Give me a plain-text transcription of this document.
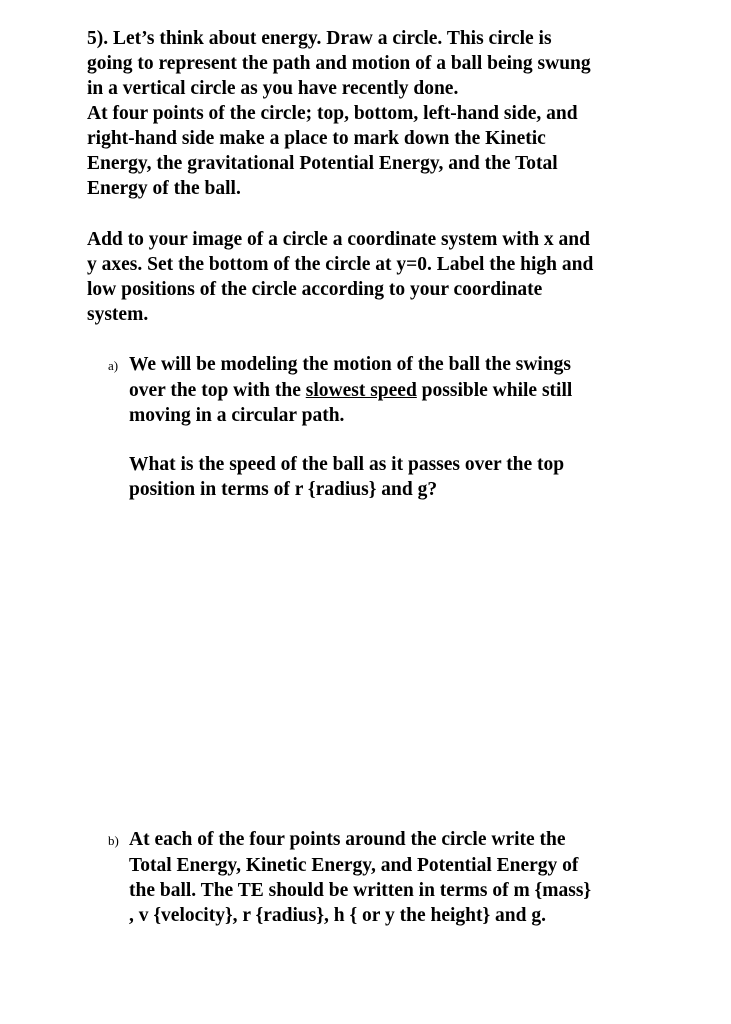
5). Let’s think about energy. Draw a circle. This circle is
going to represent the path and motion of a ball being swung
in a vertical circle as you have recently done.
At four points of the circle; top, bottom, left-hand side, and
right-hand side make a place to mark down the Kinetic
Energy, the gravitational Potential Energy, and the Total
Energy of the ball.
Add to your image of a circle a coordinate system with x and
y axes. Set the bottom of the circle at y=0. Label the high and
low positions of the circle according to your coordinate
system.
a) We will be modeling the motion of the ball the swings
over the top with the slowest speed possible while still
moving in a circular path.
What is the speed of the ball as it passes over the top
position in terms of r {radius} and g?
b) At each of the four points around the circle write the
Total Energy, Kinetic Energy, and Potential Energy of
the ball. The TE should be written in terms of m {mass}
, v {velocity}, r {radius}, h { or y the height} and g.
